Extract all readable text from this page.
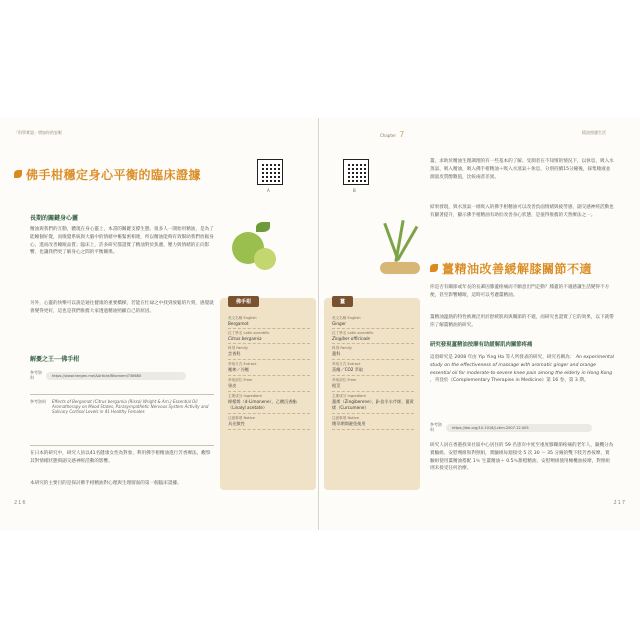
「科學實證」增加你的安眠
A
佛手柑穩定身心平衡的臨床證據
長期的關鍵身心靈
精油與我們的互動，體現在身心靈上，本書的關鍵支撐生態。很多人一開始用精油，是為了能睡個好覺，而嗅覺系統與大腦中的情緒中樞緊密相連，所以精油能夠有效幫助我們放鬆身心，進而改善睡眠品質；臨床上，許多研究都證實了精油對於焦慮、壓力與情緒的正向影響，也讓我們更了解身心之間的平衡關係。
另外，心靈的快樂可以說是通往健康的重要橋樑，若能在忙碌之中找到放鬆的片刻，感覺就會變得更好，這也是我們推薦大家透過精油照顧自己的原因。
解憂之王──佛手柑
參考資料	https://www.hergen.me/AArticle/Bhomem/?36680
參考資料	Effects of Bergamot (Citrus bergamia (Risso) Wright & Arn.) Essential Oil Aromatherapy on Mood States, Parasympathetic Nervous System Activity and Salivary Cortisol Levels in 41 Healthy Females
在日本的研究中，研究人員以41名健康女性為對象，利用佛手柑精油進行芳香療法，觀察其對情緒狀態與副交感神經活動的影響。
本研究的主要目的是探討佛手柑精油對心理與生理層面的第一個臨床證據。
216
佛手柑
英文名稱 English
Bergamot
拉丁學名 Latin scientific
Citrus bergamia
科別 Family
芸香科
萃取方式 Extract
壓榨／冷壓
萃取部位 From
果皮
主要成分 Ingredient
檸檬烯（d-Limonene）、乙酸沉香酯（Linalyl acetate）
注意事項 Notice
具光敏性
Chapter 7	精油照護生活
B
薑
英文名稱 English
Ginger
拉丁學名 Latin scientific
Zingiber officinale
科別 Family
薑科
萃取方式 Extract
蒸餾／CO2 萃取
萃取部位 From
根莖
主要成分 Ingredient
薑烯（Zingiberene）、β-倍半水芹烯、薑黃烯（Curcumene）
注意事項 Notice
懷孕期間避免使用
薑，求助於精油生理調理的有一些基本的了解。受測者在不知情的情況下，以休息、吸入水蒸氣、吸入精油，吸入佛手柑精油＋吸入水蒸氣＋休息，分別持續15分鐘後，採集唾液並測量皮質醇數值，比較兩者差異。
結果發現，與水蒸氣一組吸入的佛手柑精油可以改善負面情緒與疲勞感，副交感神經活動也有顯著提升，顯示佛手柑精油有助於改善身心狀態，是值得推薦的天然療法之一。
薑精油改善緩解膝關節不適
你是否有關節或年長的長輩因膝蓋疼痛而不願意出門走動？膝蓋的不適感讓生活變得不方便，甚至影響睡眠，這時可以考慮薑精油。
薑精油溫熱的特性被廣泛用於舒緩肌肉與關節的不適，而研究也證實了它的效果，以下就帶你了解薑精油的研究。
研究發現薑精油按摩有助緩解肌肉關節疼痛
這項研究是 2008 年由 Yip Ying Ha 等人所發表的研究，研究名稱為： An experimental study on the effectiveness of massage with aromatic ginger and orange essential oil for moderate-to-severe knee pain among the elderly in Hong Kong ，刊登於《Complementary Therapies in Medicine》第 16 卷、第 3 期。
參考資料	https://doi.org/10.1016/j.ctim.2007.12.005
研究人員在香港找來社區中心居住的 59 名患有中度至重度膝關節疼痛的老年人，隨機分為實驗組、安慰劑組和對照組，實驗組每週接受 5 次 30 ～ 35 分鐘的雙下肢芳香按摩，實驗組使用薑精油搭配 1％ 生薑精油＋ 0.5％甜橙精油，安慰劑組使用橄欖油按摩，對照組則未接受任何治療。
217
